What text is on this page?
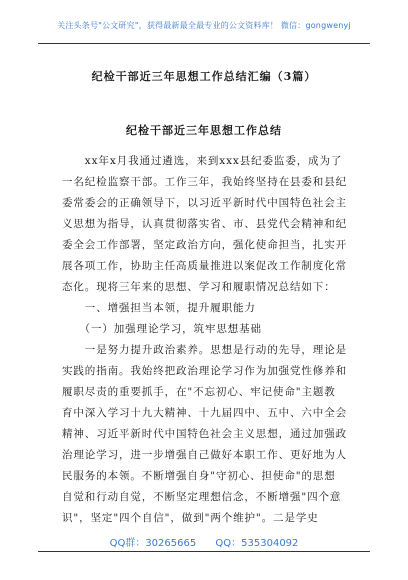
关注头条号"公文研究"，获得最新最全最专业的公文资料库！ 微信：gongwenyj
纪检干部近三年思想工作总结汇编（3篇）
纪检干部近三年思想工作总结
　　xx年x月我通过遴选，来到xxx县纪委监委，成为了
一名纪检监察干部。工作三年，我始终坚持在县委和县纪
委常委会的正确领导下，以习近平新时代中国特色社会主
义思想为指导，认真贯彻落实省、市、县党代会精神和纪
委全会工作部署，坚定政治方向，强化使命担当，扎实开
展各项工作，协助主任高质量推进以案促改工作制度化常
态化。现将三年来的思想、学习和履职情况总结如下：
　　一、增强担当本领，提升履职能力
　　（一）加强理论学习，筑牢思想基础
　　一是努力提升政治素养。思想是行动的先导，理论是
实践的指南。我始终把政治理论学习作为加强党性修养和
履职尽责的重要抓手，在"不忘初心、牢记使命"主题教
育中深入学习十九大精神、十九届四中、五中、六中全会
精神、习近平新时代中国特色社会主义思想，通过加强政
治理论学习，进一步增强自己做好本职工作、更好地为人
民服务的本领。不断增强自身"守初心、担使命"的思想
自觉和行动自觉，不断坚定理想信念，不断增强"四个意
识"，坚定"四个自信"，做到"两个维护"。二是学史
QQ群：30265665 QQ：535304092
